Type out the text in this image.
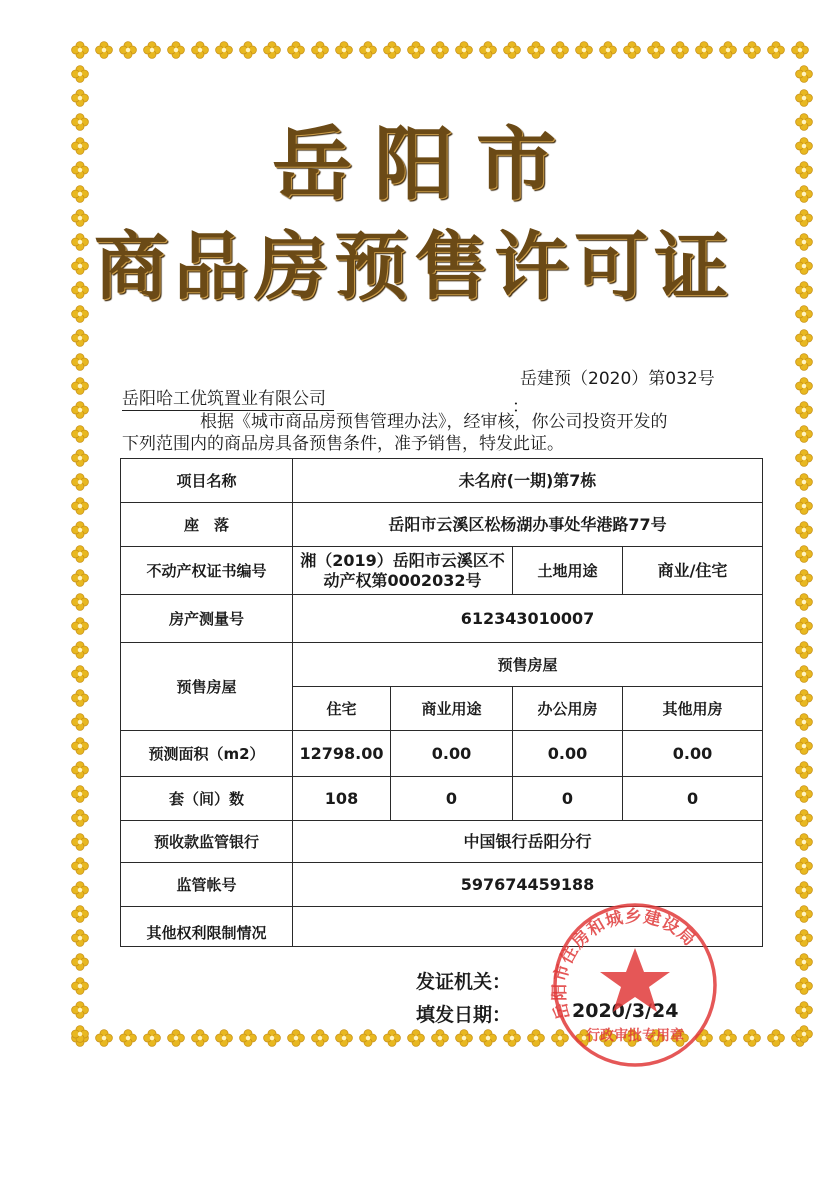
岳阳市
商品房预售许可证
岳建预（2020）第032号
岳阳哈工优筑置业有限公司	：
根据《城市商品房预售管理办法》，经审核，你公司投资开发的
下列范围内的商品房具备预售条件，准予销售，特发此证。
项目名称	未名府(一期)第7栋			
座　落	岳阳市云溪区松杨湖办事处华港路77号			
不动产权证书编号	湘（2019）岳阳市云溪区不动产权第0002032号		土地用途	商业/住宅
房产测量号	612343010007			
预售房屋	预售房屋			
	住宅	商业用途	办公用房	其他用房
预测面积（m2）	12798.00	0.00	0.00	0.00
套（间）数	108	0	0	0
预收款监管银行	中国银行岳阳分行			
监管帐号	597674459188			
其他权利限制情况				
发证机关：
填发日期：	2020/3/24
岳阳市住房和城乡建设局
行政审批专用章
